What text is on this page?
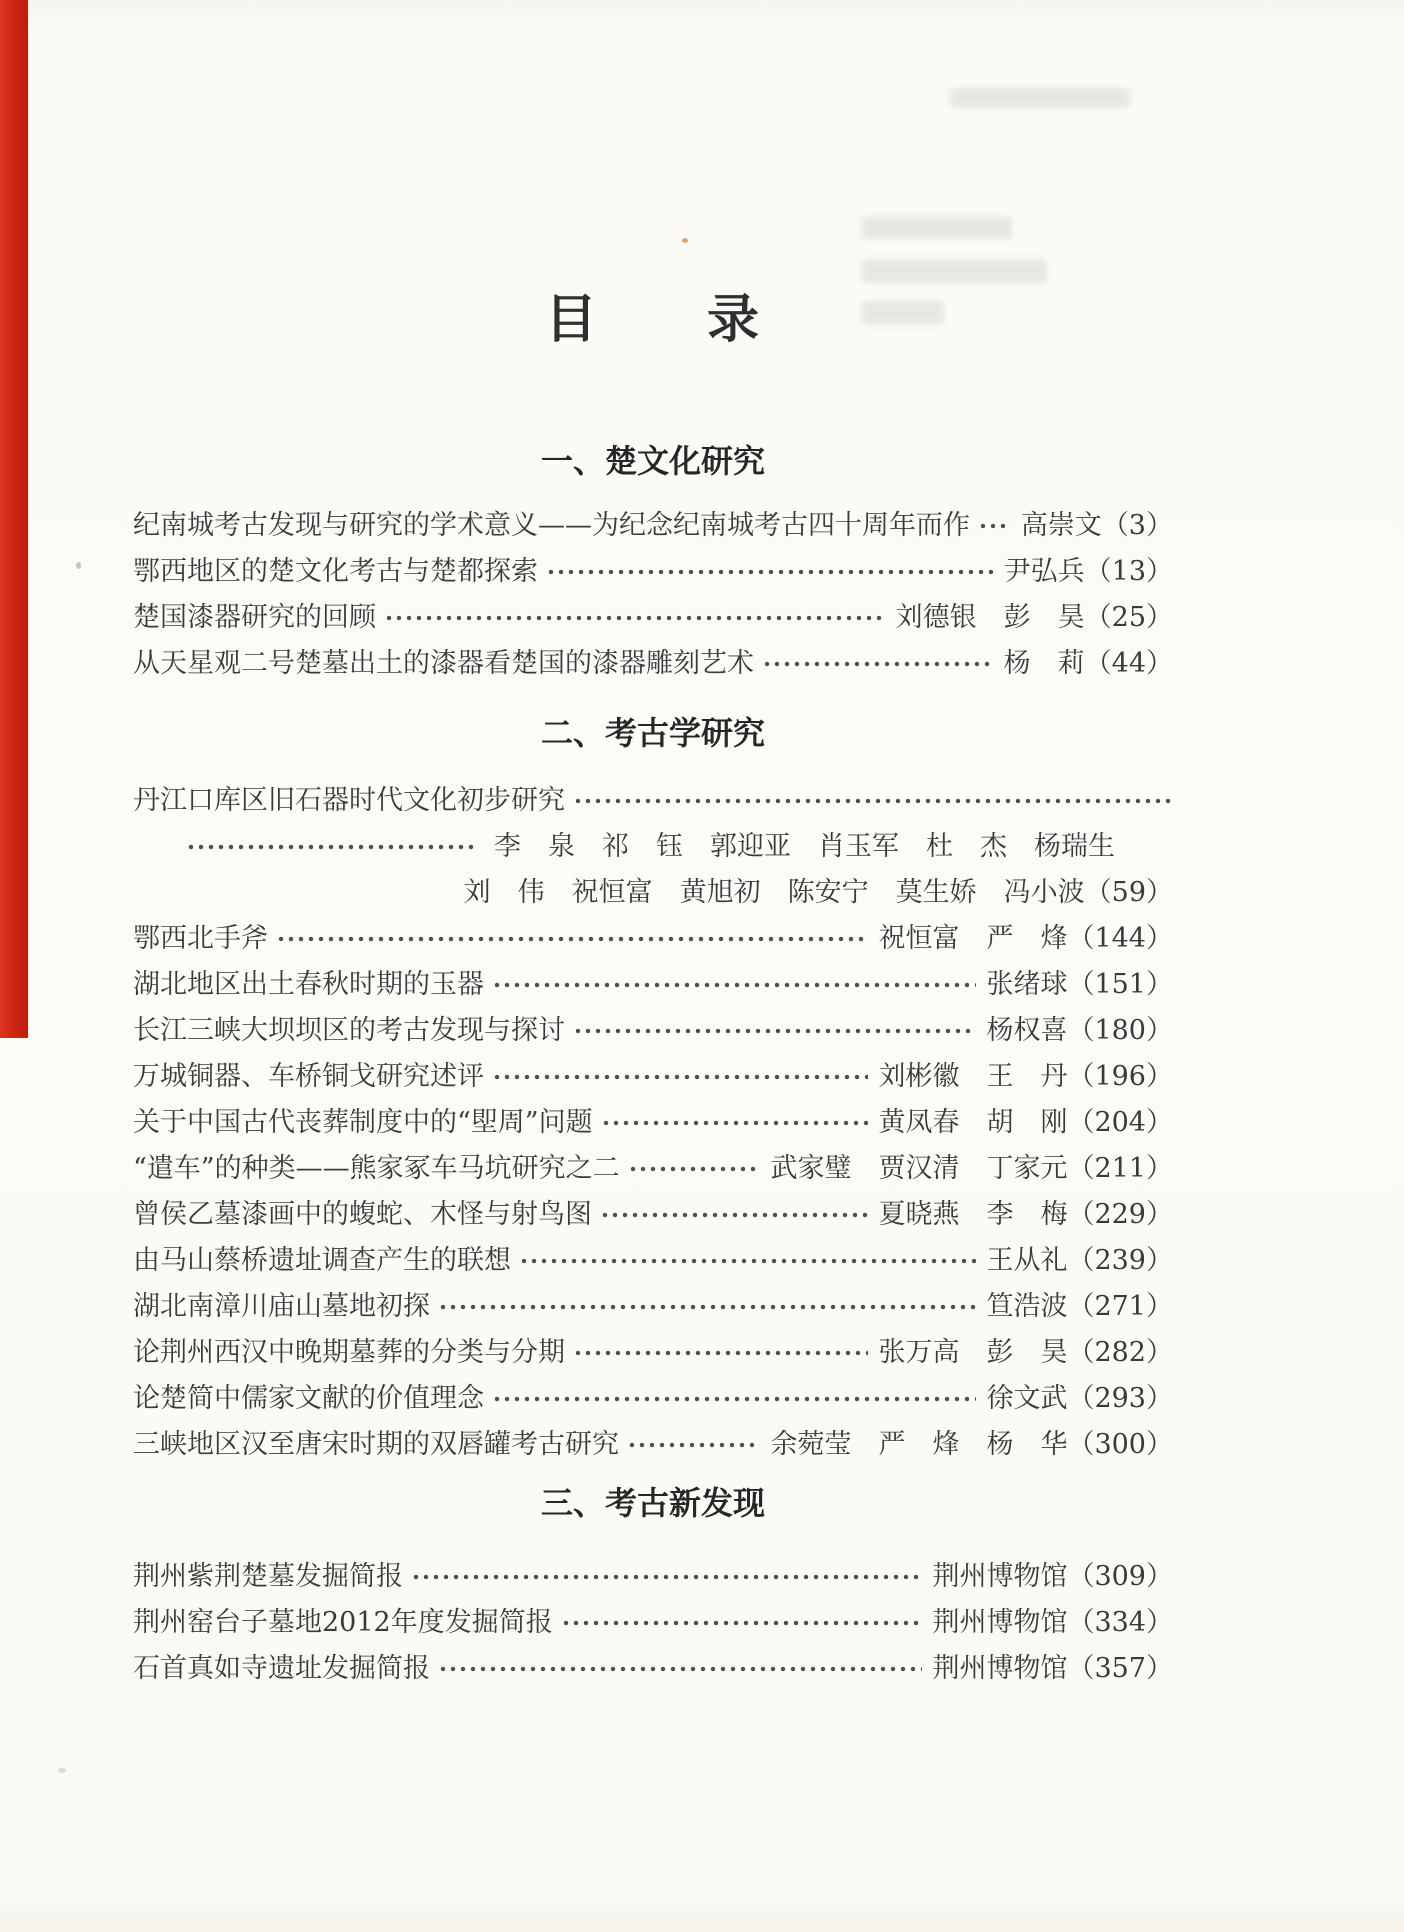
目　　录
一、楚文化研究
纪南城考古发现与研究的学术意义——为纪念纪南城考古四十周年而作 高崇文 （3）
鄂西地区的楚文化考古与楚都探索	尹弘兵 （13）
楚国漆器研究的回顾	刘德银　彭　昊 （25）
从天星观二号楚墓出土的漆器看楚国的漆器雕刻艺术	杨　莉 （44）
二、考古学研究
丹江口库区旧石器时代文化初步研究
李　泉　祁　钰　郭迎亚　肖玉军　杜　杰　杨瑞生
刘　伟　祝恒富　黄旭初　陈安宁　莫生娇　冯小波（59）
鄂西北手斧	祝恒富　严　烽 （144）
湖北地区出土春秋时期的玉器	张绪球 （151）
长江三峡大坝坝区的考古发现与探讨	杨权喜 （180）
万城铜器、车桥铜戈研究述评	刘彬徽　王　丹 （196）
关于中国古代丧葬制度中的“堲周”问题	黄凤春　胡　刚 （204）
“遣车”的种类——熊家冢车马坑研究之二	武家璧　贾汉清　丁家元 （211）
曾侯乙墓漆画中的蝮蛇、木怪与射鸟图	夏晓燕　李　梅 （229）
由马山蔡桥遗址调查产生的联想	王从礼 （239）
湖北南漳川庙山墓地初探	笪浩波 （271）
论荆州西汉中晚期墓葬的分类与分期	张万高　彭　昊 （282）
论楚简中儒家文献的价值理念	徐文武 （293）
三峡地区汉至唐宋时期的双唇罐考古研究	余菀莹　严　烽　杨　华 （300）
三、考古新发现
荆州紫荆楚墓发掘简报	荆州博物馆 （309）
荆州窑台子墓地2012年度发掘简报	荆州博物馆 （334）
石首真如寺遗址发掘简报	荆州博物馆 （357）
